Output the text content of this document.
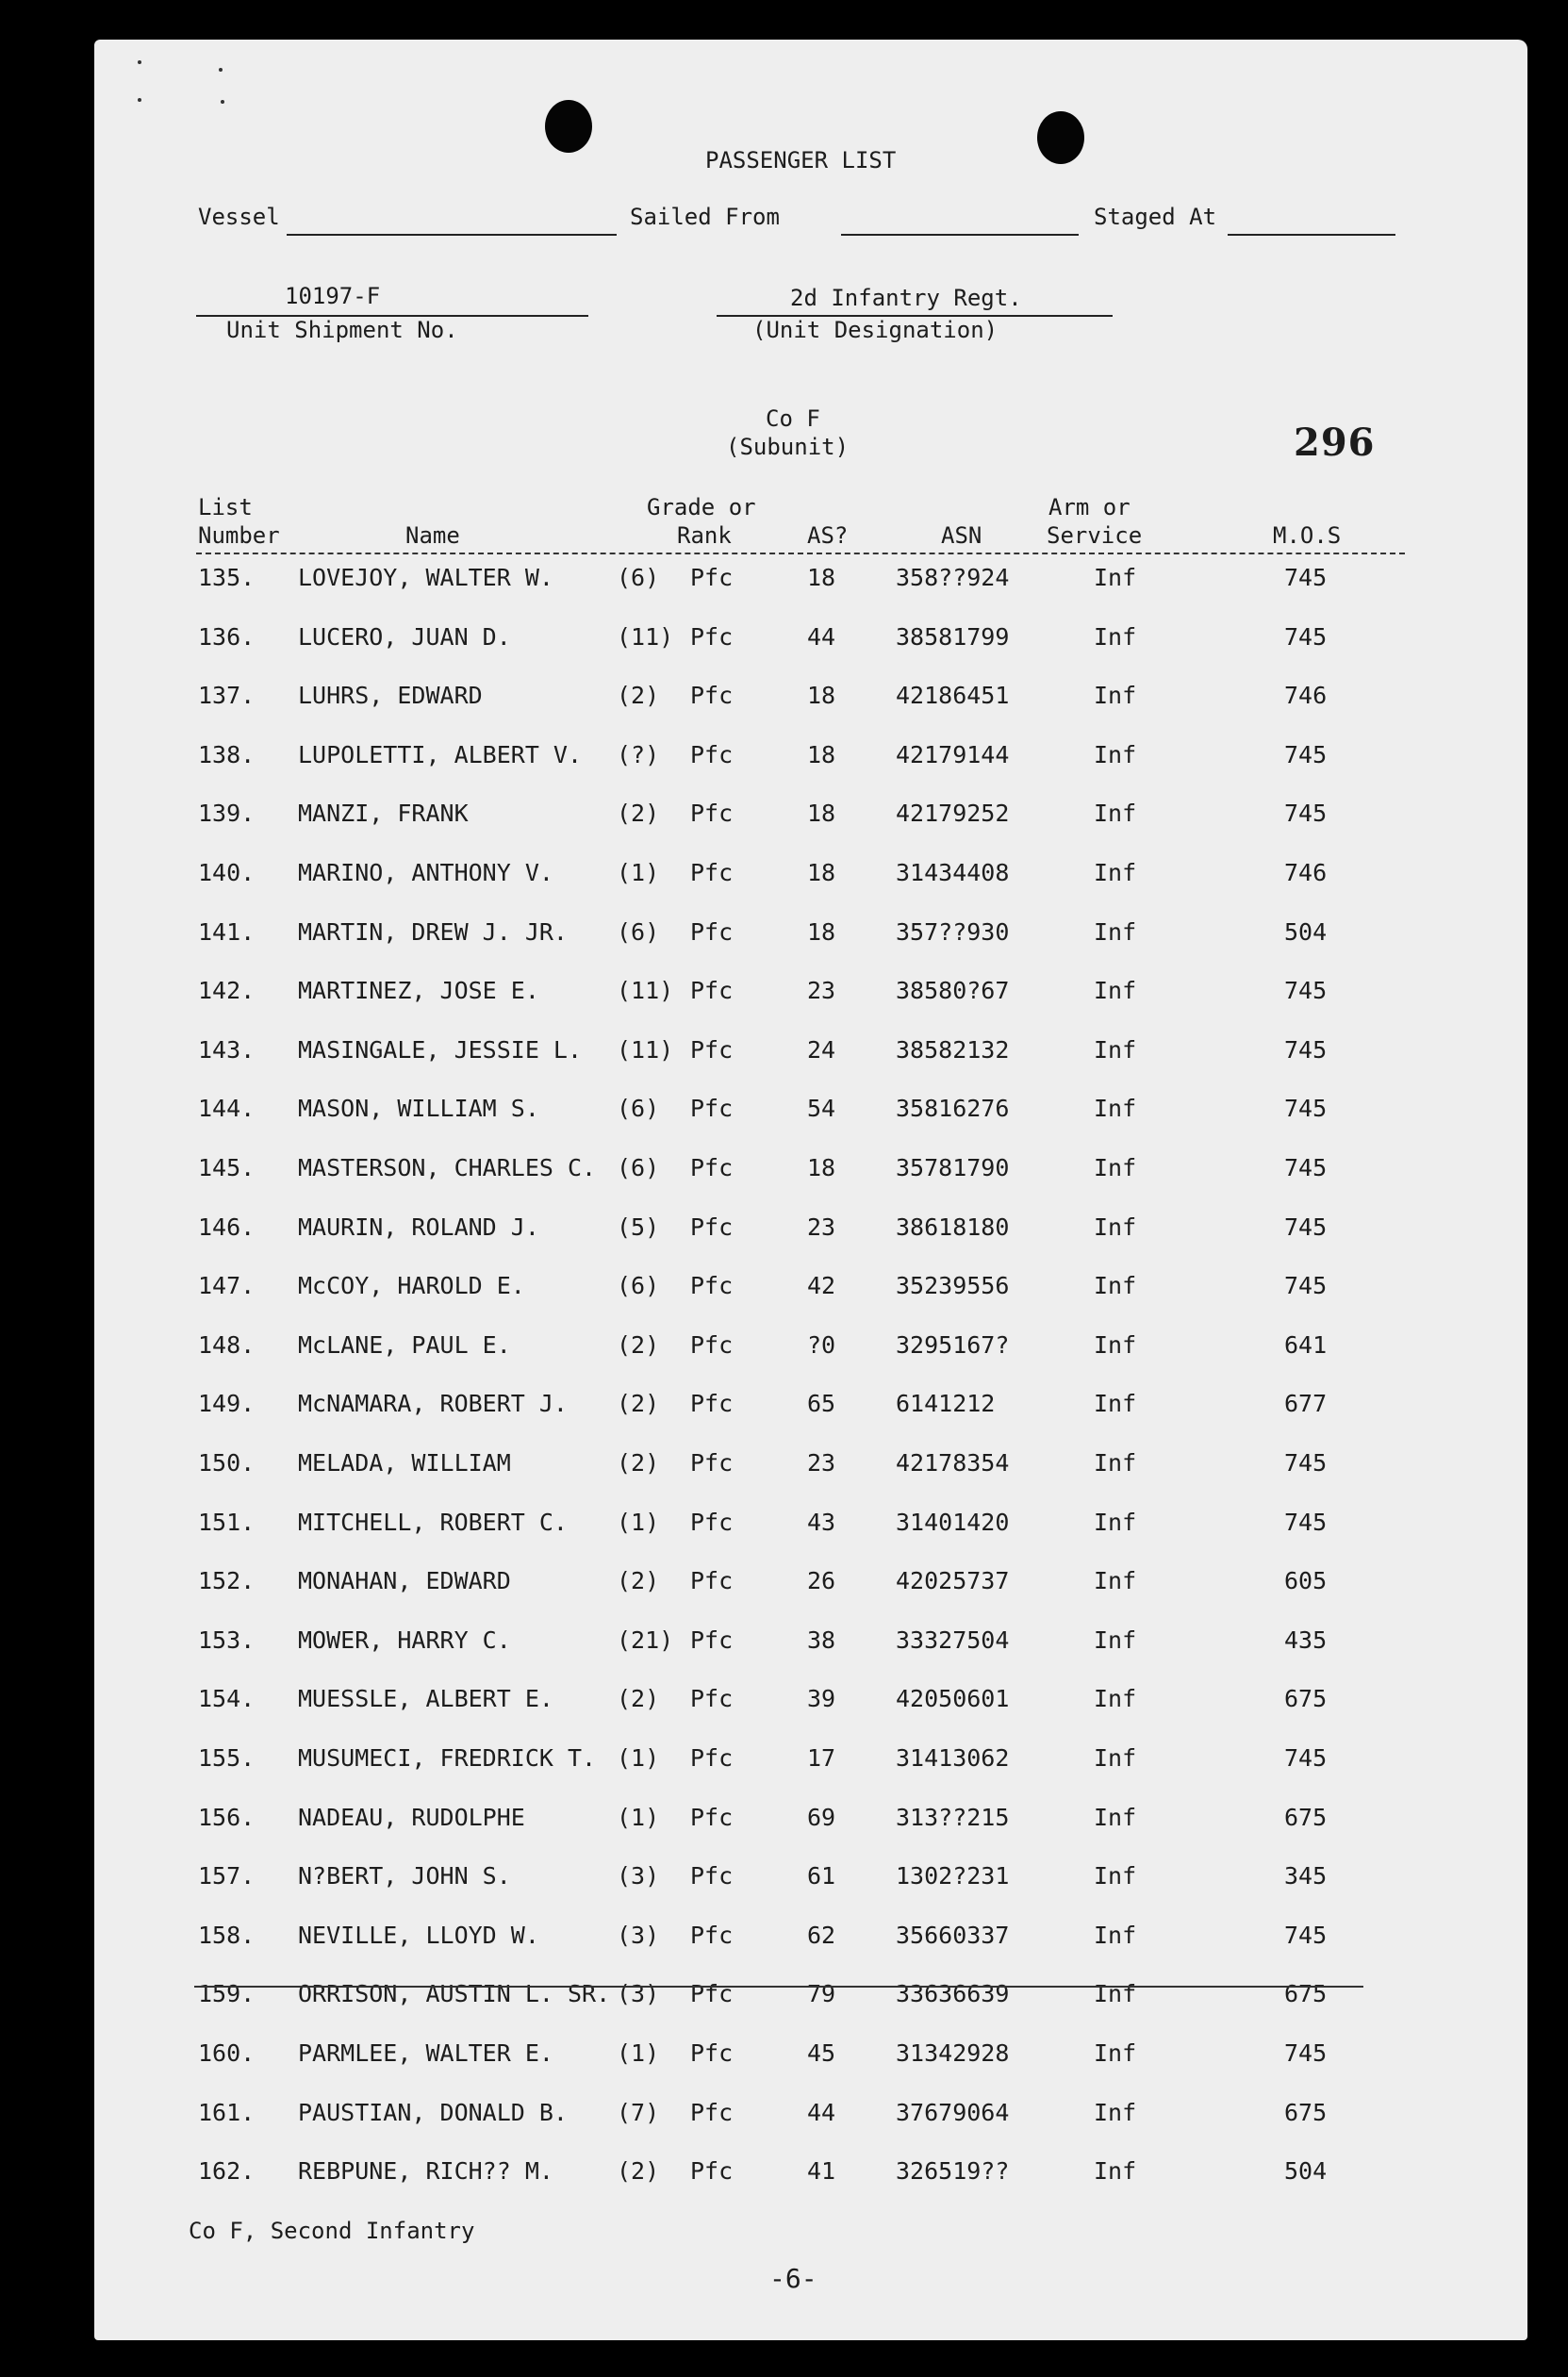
PASSENGER LIST
Vessel	Sailed From	Staged At
10197-F
Unit Shipment No.
2d Infantry Regt.
(Unit Designation)
Co F
(Subunit)	296
List
Number	Name
Grade or
Rank	AS?	ASN
Arm or
Service	M.O.S
135. LOVEJOY, WALTER W.	(6) Pfc	18	358??924	Inf	745
136. LUCERO, JUAN D.	(11) Pfc	44	38581799	Inf	745
137. LUHRS, EDWARD	(2) Pfc	18	42186451	Inf	746
138. LUPOLETTI, ALBERT V. (?) Pfc	18	42179144	Inf	745
139. MANZI, FRANK	(2) Pfc	18	42179252	Inf	745
140. MARINO, ANTHONY V.	(1) Pfc	18	31434408	Inf	746
141. MARTIN, DREW J. JR. (6) Pfc	18	357??930	Inf	504
142. MARTINEZ, JOSE E.	(11) Pfc	23	38580?67	Inf	745
143. MASINGALE, JESSIE L. (11) Pfc	24	38582132	Inf	745
144. MASON, WILLIAM S.	(6) Pfc	54	35816276	Inf	745
145. MASTERSON, CHARLES C. (6) Pfc	18	35781790	Inf	745
146. MAURIN, ROLAND J.	(5) Pfc	23	38618180	Inf	745
147. McCOY, HAROLD E.	(6) Pfc	42	35239556	Inf	745
148. McLANE, PAUL E.	(2) Pfc	?0	3295167?	Inf	641
149. McNAMARA, ROBERT J. (2) Pfc	65	6141212	Inf	677
150. MELADA, WILLIAM	(2) Pfc	23	42178354	Inf	745
151. MITCHELL, ROBERT C. (1) Pfc	43	31401420	Inf	745
152. MONAHAN, EDWARD	(2) Pfc	26	42025737	Inf	605
153. MOWER, HARRY C.	(21) Pfc	38	33327504	Inf	435
154. MUESSLE, ALBERT E.	(2) Pfc	39	42050601	Inf	675
155. MUSUMECI, FREDRICK T. (1) Pfc	17	31413062	Inf	745
156. NADEAU, RUDOLPHE	(1) Pfc	69	313??215	Inf	675
157. N?BERT, JOHN S.	(3) Pfc	61	1302?231	Inf	345
158. NEVILLE, LLOYD W.	(3) Pfc	62	35660337	Inf	745
159. ORRISON, AUSTIN L. SR. (3) Pfc	79	33636639	Inf	675
160. PARMLEE, WALTER E.	(1) Pfc	45	31342928	Inf	745
161. PAUSTIAN, DONALD B. (7) Pfc	44	37679064	Inf	675
162. REBPUNE, RICH?? M.	(2) Pfc	41	326519??	Inf	504
Co F, Second Infantry
-6-
